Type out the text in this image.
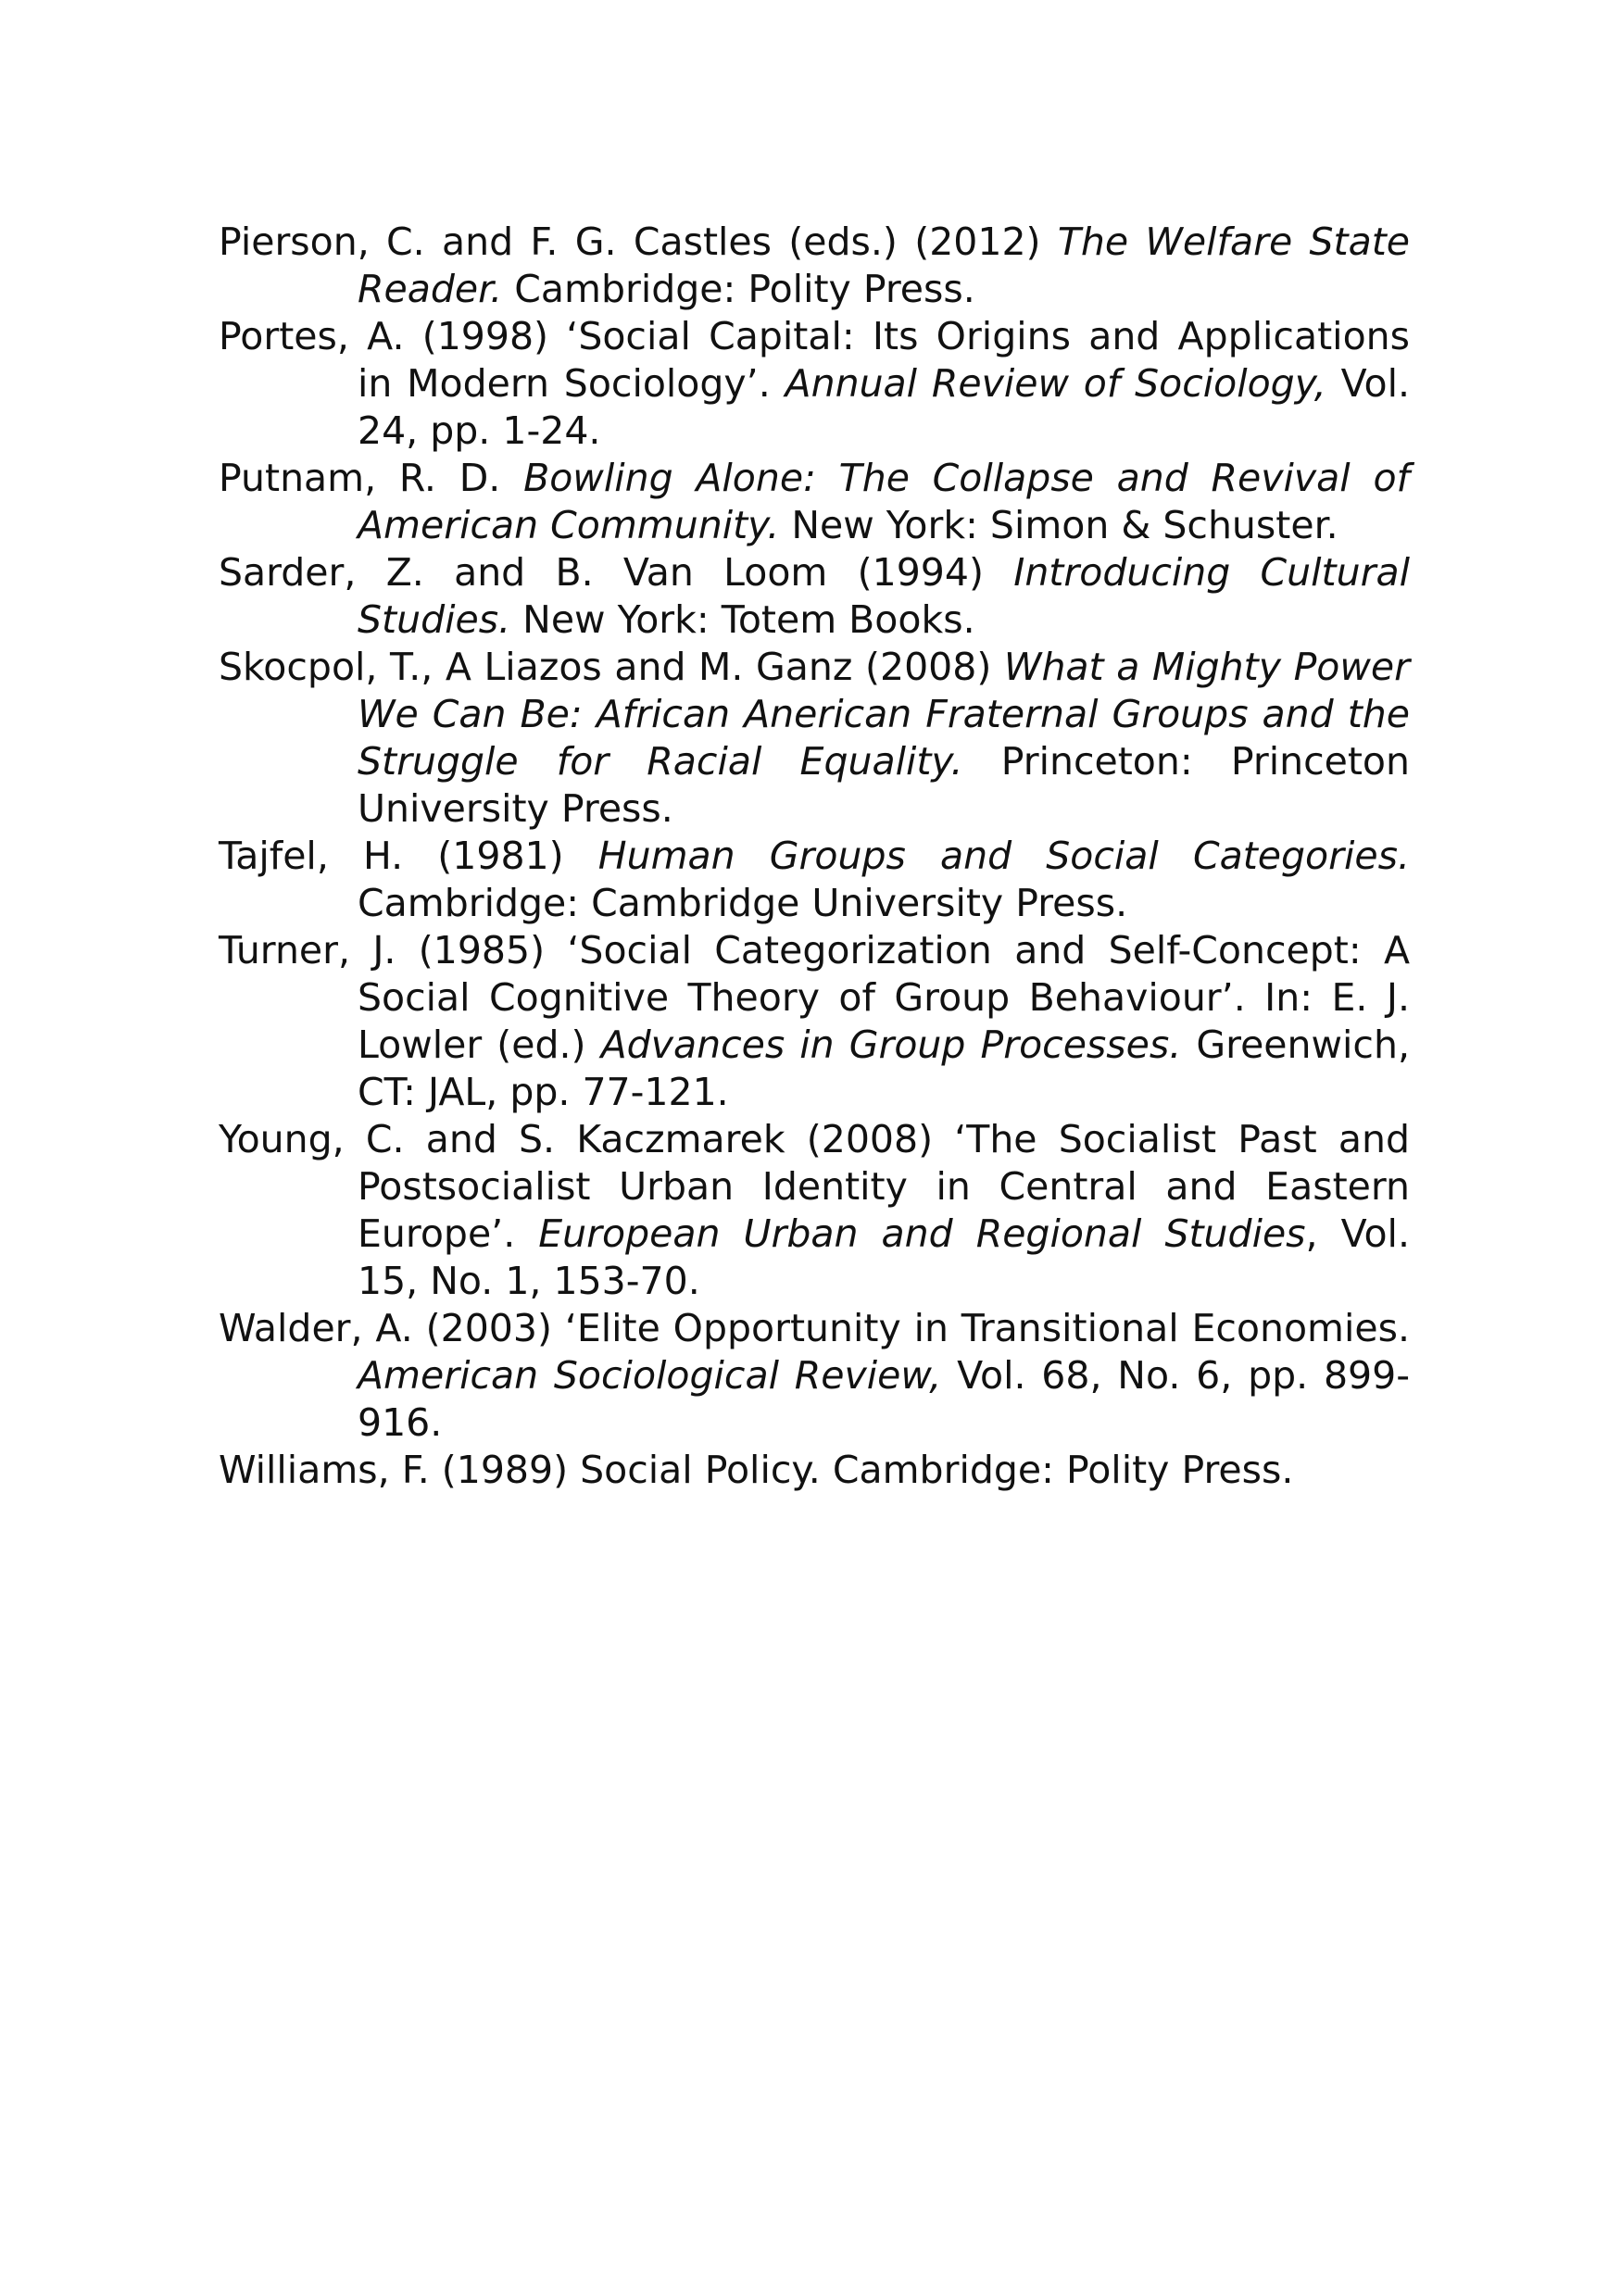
Pierson, C. and F. G. Castles (eds.) (2012) The Welfare State Reader. Cambridge: Polity Press.

Portes, A. (1998) ‘Social Capital: Its Origins and Applications in Modern Sociology’. Annual Review of Sociology, Vol. 24, pp. 1-24.

Putnam, R. D. Bowling Alone: The Collapse and Revival of American Community. New York: Simon & Schuster.

Sarder, Z. and B. Van Loom (1994) Introducing Cultural Studies. New York: Totem Books.

Skocpol, T., A Liazos and M. Ganz (2008) What a Mighty Power We Can Be: African Anerican Fraternal Groups and the Struggle for Racial Equality. Princeton: Princeton University Press.

Tajfel, H. (1981) Human Groups and Social Categories. Cambridge: Cambridge University Press.

Turner, J. (1985) ‘Social Categorization and Self-Concept: A Social Cognitive Theory of Group Behaviour’. In: E. J. Lowler (ed.) Advances in Group Processes. Greenwich, CT: JAL, pp. 77-121.

Young, C. and S. Kaczmarek (2008) ‘The Socialist Past and Postsocialist Urban Identity in Central and Eastern Europe’. European Urban and Regional Studies, Vol. 15, No. 1, 153-70.

Walder, A. (2003) ‘Elite Opportunity in Transitional Economies. American Sociological Review, Vol. 68, No. 6, pp. 899-916.

Williams, F. (1989) Social Policy. Cambridge: Polity Press.
